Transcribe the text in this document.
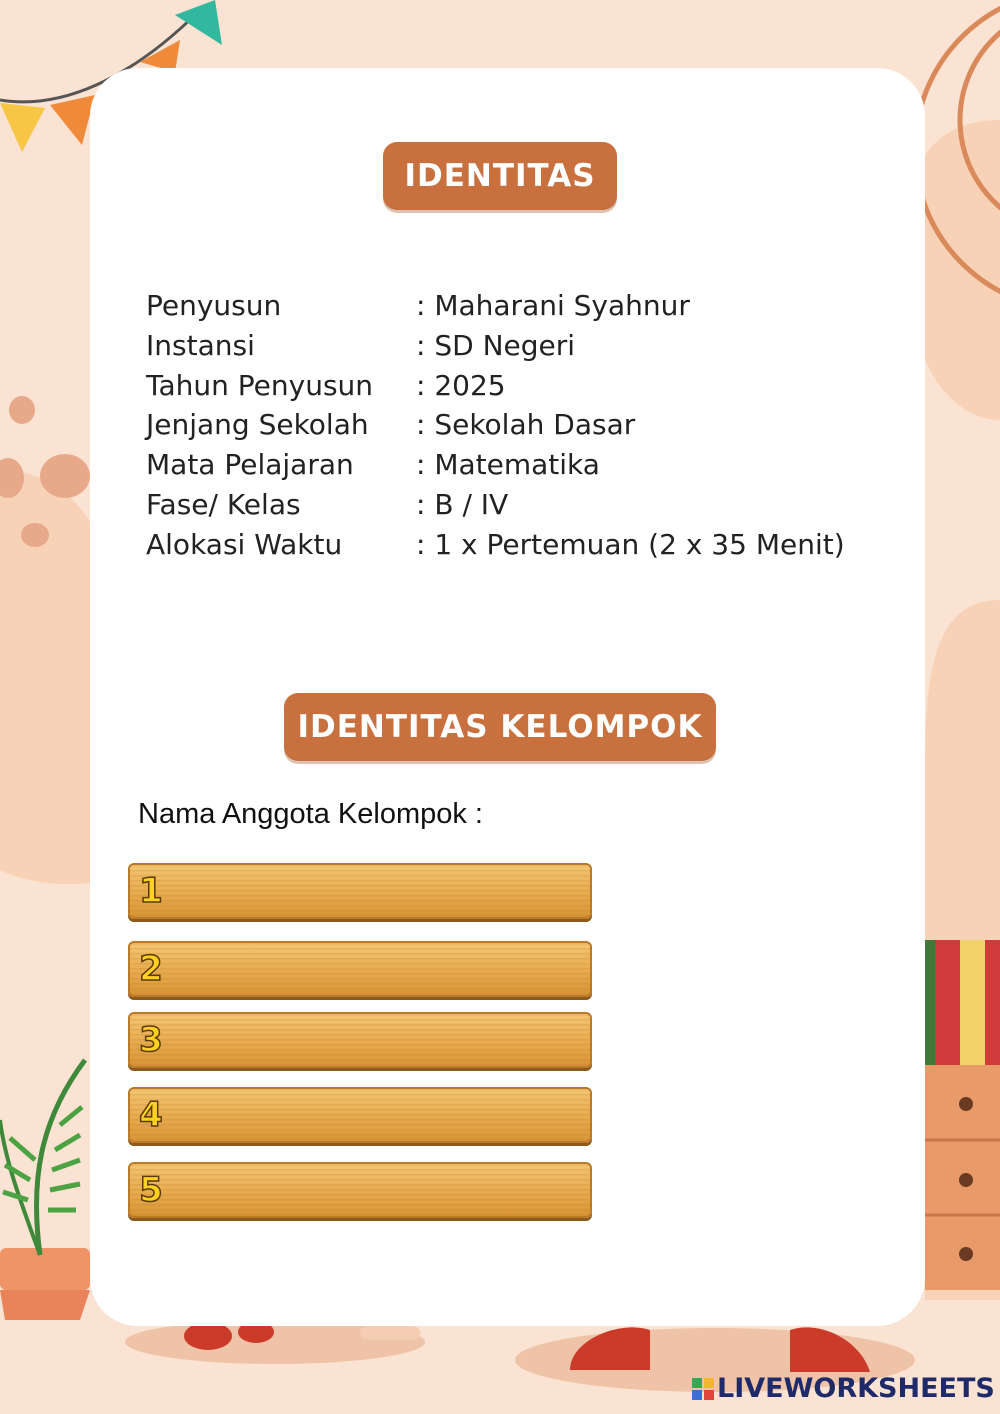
IDENTITAS
Penyusun	: Maharani Syahnur
Instansi	: SD Negeri
Tahun Penyusun : 2025
Jenjang Sekolah : Sekolah Dasar
Mata Pelajaran : Matematika
Fase/ Kelas	: B / IV
Alokasi Waktu	: 1 x Pertemuan (2 x 35 Menit)
IDENTITAS KELOMPOK
Nama Anggota Kelompok :
1
2
3
4
5
LIVEWORKSHEETS
